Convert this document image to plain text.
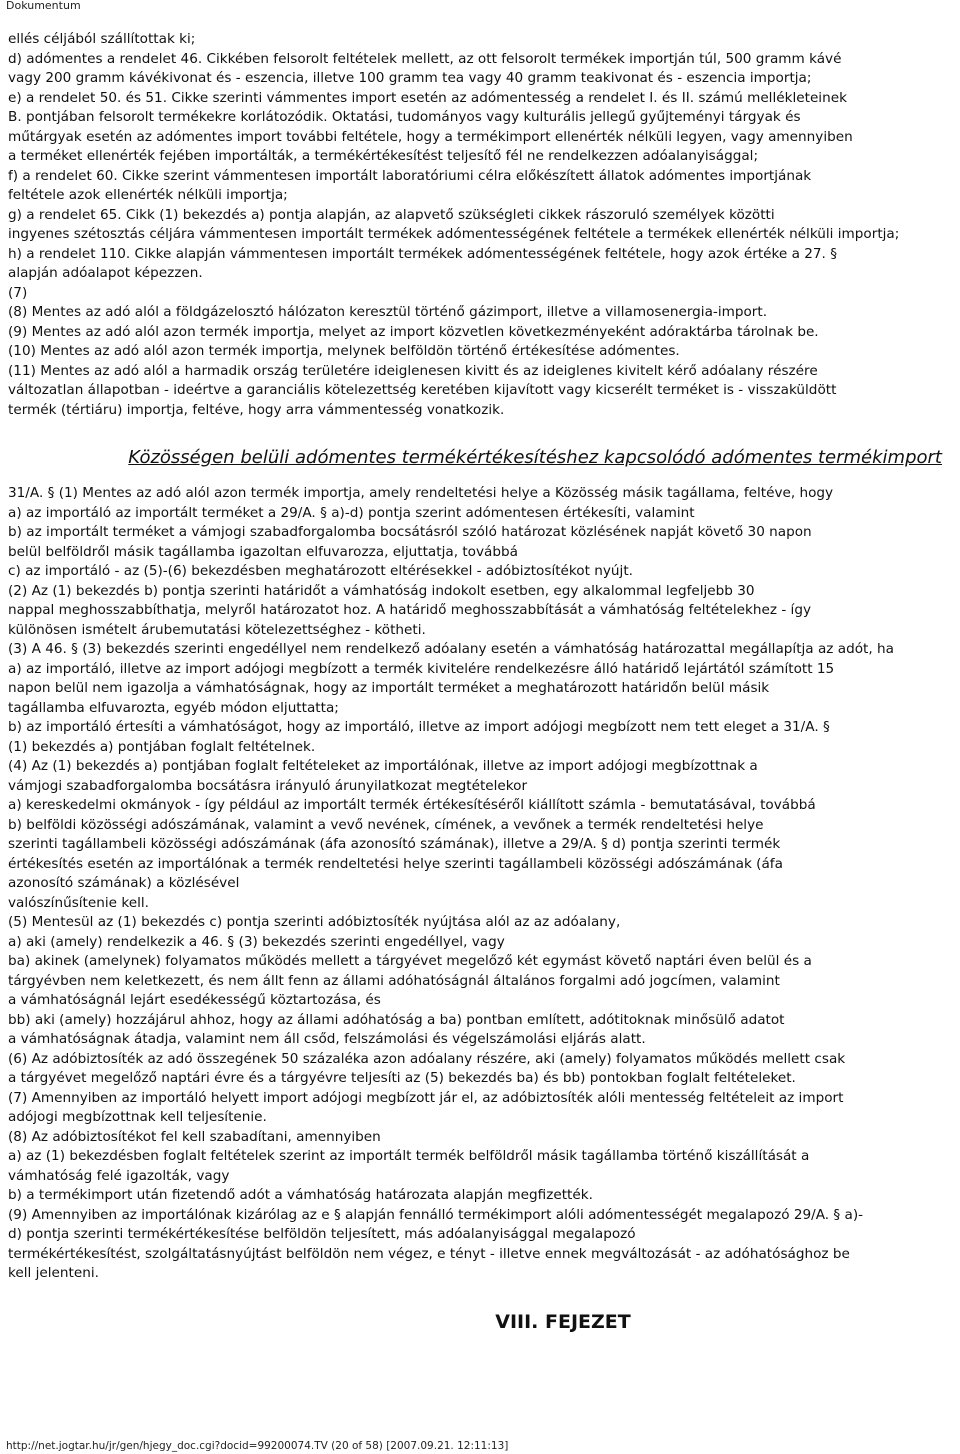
Dokumentum
ellés céljából szállítottak ki;
d) adómentes a rendelet 46. Cikkében felsorolt feltételek mellett, az ott felsorolt termékek importján túl, 500 gramm kávé
vagy 200 gramm kávékivonat és - eszencia, illetve 100 gramm tea vagy 40 gramm teakivonat és - eszencia importja;
e) a rendelet 50. és 51. Cikke szerinti vámmentes import esetén az adómentesség a rendelet I. és II. számú mellékleteinek
B. pontjában felsorolt termékekre korlátozódik. Oktatási, tudományos vagy kulturális jellegű gyűjteményi tárgyak és
műtárgyak esetén az adómentes import további feltétele, hogy a termékimport ellenérték nélküli legyen, vagy amennyiben
a terméket ellenérték fejében importálták, a termékértékesítést teljesítő fél ne rendelkezzen adóalanyisággal;
f) a rendelet 60. Cikke szerint vámmentesen importált laboratóriumi célra előkészített állatok adómentes importjának
feltétele azok ellenérték nélküli importja;
g) a rendelet 65. Cikk (1) bekezdés a) pontja alapján, az alapvető szükségleti cikkek rászoruló személyek közötti
ingyenes szétosztás céljára vámmentesen importált termékek adómentességének feltétele a termékek ellenérték nélküli importja;
h) a rendelet 110. Cikke alapján vámmentesen importált termékek adómentességének feltétele, hogy azok értéke a 27. §
alapján adóalapot képezzen.
(7)
(8) Mentes az adó alól a földgázelosztó hálózaton keresztül történő gázimport, illetve a villamosenergia-import.
(9) Mentes az adó alól azon termék importja, melyet az import közvetlen következményeként adóraktárba tárolnak be.
(10) Mentes az adó alól azon termék importja, melynek belföldön történő értékesítése adómentes.
(11) Mentes az adó alól a harmadik ország területére ideiglenesen kivitt és az ideiglenes kivitelt kérő adóalany részére
változatlan állapotban - ideértve a garanciális kötelezettség keretében kijavított vagy kicserélt terméket is - visszaküldött
termék (tértiáru) importja, feltéve, hogy arra vámmentesség vonatkozik.
Közösségen belüli adómentes termékértékesítéshez kapcsolódó adómentes termékimport
31/A. § (1) Mentes az adó alól azon termék importja, amely rendeltetési helye a Közösség másik tagállama, feltéve, hogy
a) az importáló az importált terméket a 29/A. § a)-d) pontja szerint adómentesen értékesíti, valamint
b) az importált terméket a vámjogi szabadforgalomba bocsátásról szóló határozat közlésének napját követő 30 napon
belül belföldről másik tagállamba igazoltan elfuvarozza, eljuttatja, továbbá
c) az importáló - az (5)-(6) bekezdésben meghatározott eltérésekkel - adóbiztosítékot nyújt.
(2) Az (1) bekezdés b) pontja szerinti határidőt a vámhatóság indokolt esetben, egy alkalommal legfeljebb 30
nappal meghosszabbíthatja, melyről határozatot hoz. A határidő meghosszabbítását a vámhatóság feltételekhez - így
különösen ismételt árubemutatási kötelezettséghez - kötheti.
(3) A 46. § (3) bekezdés szerinti engedéllyel nem rendelkező adóalany esetén a vámhatóság határozattal megállapítja az adót, ha
a) az importáló, illetve az import adójogi megbízott a termék kivitelére rendelkezésre álló határidő lejártától számított 15
napon belül nem igazolja a vámhatóságnak, hogy az importált terméket a meghatározott határidőn belül másik
tagállamba elfuvarozta, egyéb módon eljuttatta;
b) az importáló értesíti a vámhatóságot, hogy az importáló, illetve az import adójogi megbízott nem tett eleget a 31/A. §
(1) bekezdés a) pontjában foglalt feltételnek.
(4) Az (1) bekezdés a) pontjában foglalt feltételeket az importálónak, illetve az import adójogi megbízottnak a
vámjogi szabadforgalomba bocsátásra irányuló árunyilatkozat megtételekor
a) kereskedelmi okmányok - így például az importált termék értékesítéséről kiállított számla - bemutatásával, továbbá
b) belföldi közösségi adószámának, valamint a vevő nevének, címének, a vevőnek a termék rendeltetési helye
szerinti tagállambeli közösségi adószámának (áfa azonosító számának), illetve a 29/A. § d) pontja szerinti termék
értékesítés esetén az importálónak a termék rendeltetési helye szerinti tagállambeli közösségi adószámának (áfa
azonosító számának) a közlésével
valószínűsítenie kell.
(5) Mentesül az (1) bekezdés c) pontja szerinti adóbiztosíték nyújtása alól az az adóalany,
a) aki (amely) rendelkezik a 46. § (3) bekezdés szerinti engedéllyel, vagy
ba) akinek (amelynek) folyamatos működés mellett a tárgyévet megelőző két egymást követő naptári éven belül és a
tárgyévben nem keletkezett, és nem állt fenn az állami adóhatóságnál általános forgalmi adó jogcímen, valamint
a vámhatóságnál lejárt esedékességű köztartozása, és
bb) aki (amely) hozzájárul ahhoz, hogy az állami adóhatóság a ba) pontban említett, adótitoknak minősülő adatot
a vámhatóságnak átadja, valamint nem áll csőd, felszámolási és végelszámolási eljárás alatt.
(6) Az adóbiztosíték az adó összegének 50 százaléka azon adóalany részére, aki (amely) folyamatos működés mellett csak
a tárgyévet megelőző naptári évre és a tárgyévre teljesíti az (5) bekezdés ba) és bb) pontokban foglalt feltételeket.
(7) Amennyiben az importáló helyett import adójogi megbízott jár el, az adóbiztosíték alóli mentesség feltételeit az import
adójogi megbízottnak kell teljesítenie.
(8) Az adóbiztosítékot fel kell szabadítani, amennyiben
a) az (1) bekezdésben foglalt feltételek szerint az importált termék belföldről másik tagállamba történő kiszállítását a
vámhatóság felé igazolták, vagy
b) a termékimport után fizetendő adót a vámhatóság határozata alapján megfizették.
(9) Amennyiben az importálónak kizárólag az e § alapján fennálló termékimport alóli adómentességét megalapozó 29/A. § a)-
d) pontja szerinti termékértékesítése belföldön teljesített, más adóalanyisággal megalapozó
termékértékesítést, szolgáltatásnyújtást belföldön nem végez, e tényt - illetve ennek megváltozását - az adóhatósághoz be
kell jelenteni.
VIII. FEJEZET
http://net.jogtar.hu/jr/gen/hjegy_doc.cgi?docid=99200074.TV (20 of 58) [2007.09.21. 12:11:13]
